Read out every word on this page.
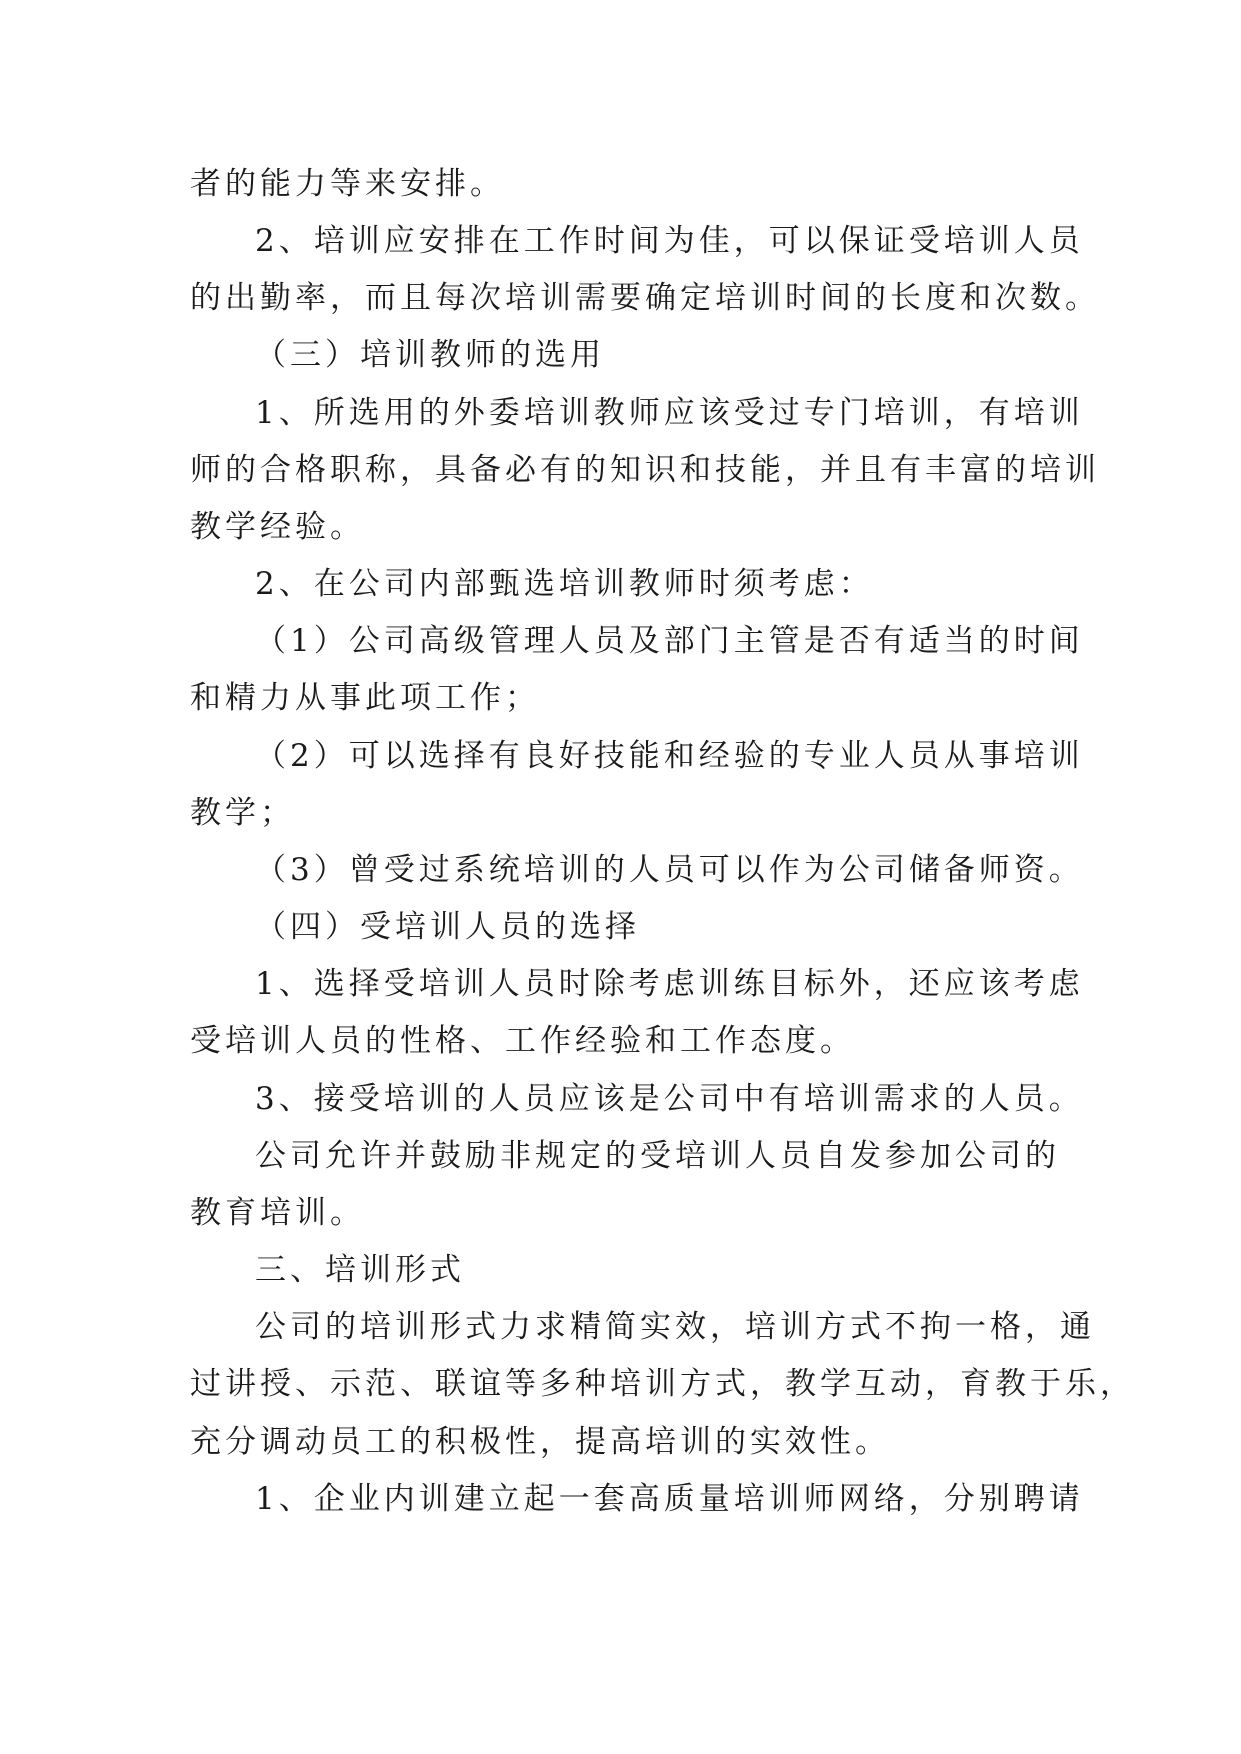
者的能力等来安排。
2、培训应安排在工作时间为佳，可以保证受培训人员
的出勤率，而且每次培训需要确定培训时间的长度和次数。
（三）培训教师的选用
1、所选用的外委培训教师应该受过专门培训，有培训
师的合格职称，具备必有的知识和技能，并且有丰富的培训
教学经验。
2、在公司内部甄选培训教师时须考虑：
（1）公司高级管理人员及部门主管是否有适当的时间
和精力从事此项工作；
（2）可以选择有良好技能和经验的专业人员从事培训
教学；
（3）曾受过系统培训的人员可以作为公司储备师资。
（四）受培训人员的选择
1、选择受培训人员时除考虑训练目标外，还应该考虑
受培训人员的性格、工作经验和工作态度。
3、接受培训的人员应该是公司中有培训需求的人员。
公司允许并鼓励非规定的受培训人员自发参加公司的
教育培训。
三、培训形式
公司的培训形式力求精简实效，培训方式不拘一格，通
过讲授、示范、联谊等多种培训方式，教学互动，育教于乐，
充分调动员工的积极性，提高培训的实效性。
1、企业内训建立起一套高质量培训师网络，分别聘请
